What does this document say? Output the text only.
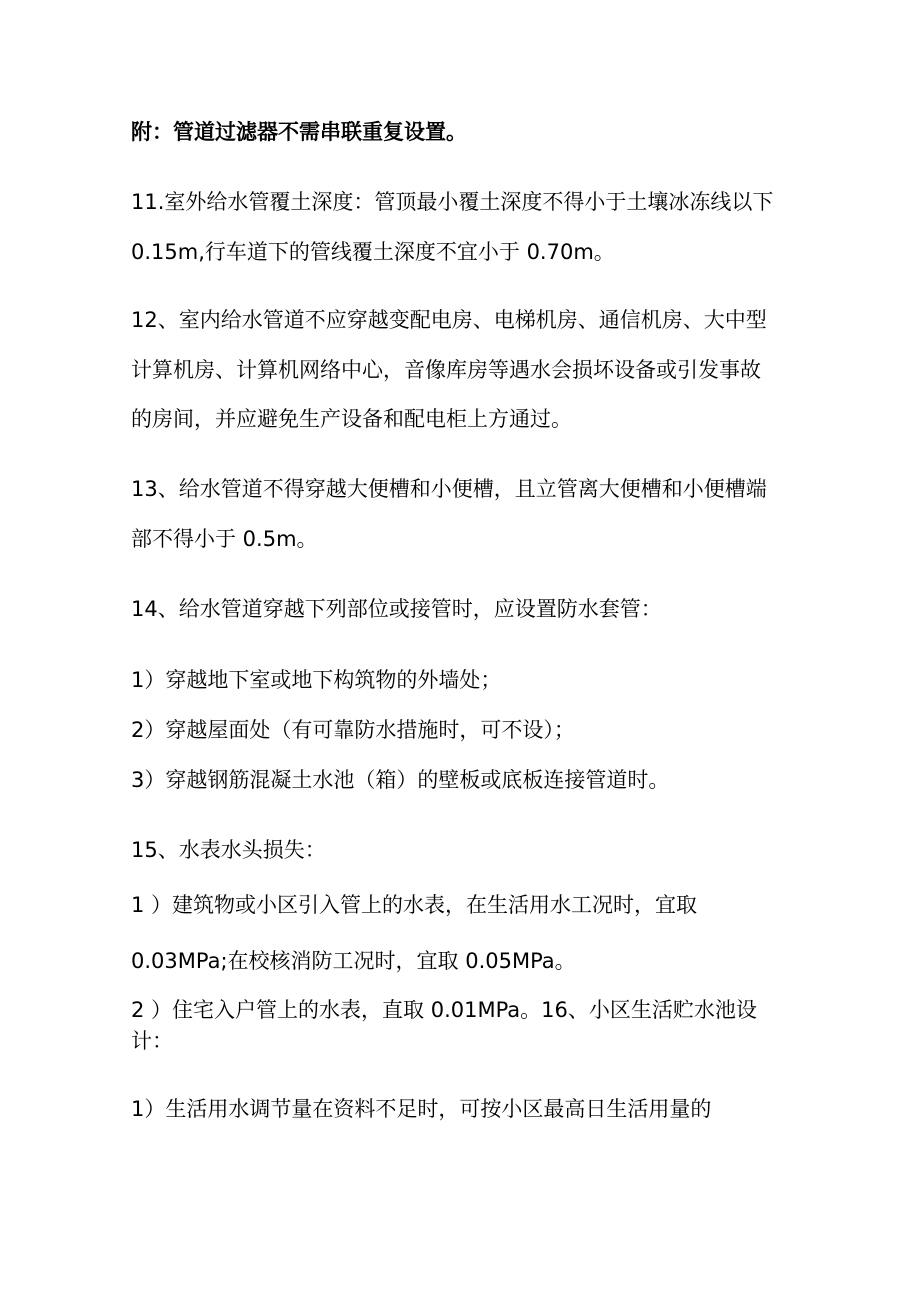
附：管道过滤器不需串联重复设置。
11.室外给水管覆土深度：管顶最小覆土深度不得小于土壤冰冻线以下
0.15m,行车道下的管线覆土深度不宜小于 0.70m。
12、室内给水管道不应穿越变配电房、电梯机房、通信机房、大中型
计算机房、计算机网络中心，音像库房等遇水会损坏设备或引发事故
的房间，并应避免生产设备和配电柜上方通过。
13、给水管道不得穿越大便槽和小便槽，且立管离大便槽和小便槽端
部不得小于 0.5m。
14、给水管道穿越下列部位或接管时，应设置防水套管：
1）穿越地下室或地下构筑物的外墙处；
2）穿越屋面处（有可靠防水措施时，可不设）；
3）穿越钢筋混凝土水池（箱）的壁板或底板连接管道时。
15、水表水头损失：
1 ）建筑物或小区引入管上的水表，在生活用水工况时，宜取
0.03MPa;在校核消防工况时，宜取 0.05MPa。
2 ）住宅入户管上的水表，直取 0.01MPa。16、小区生活贮水池设
计：
1）生活用水调节量在资料不足时，可按小区最高日生活用量的
